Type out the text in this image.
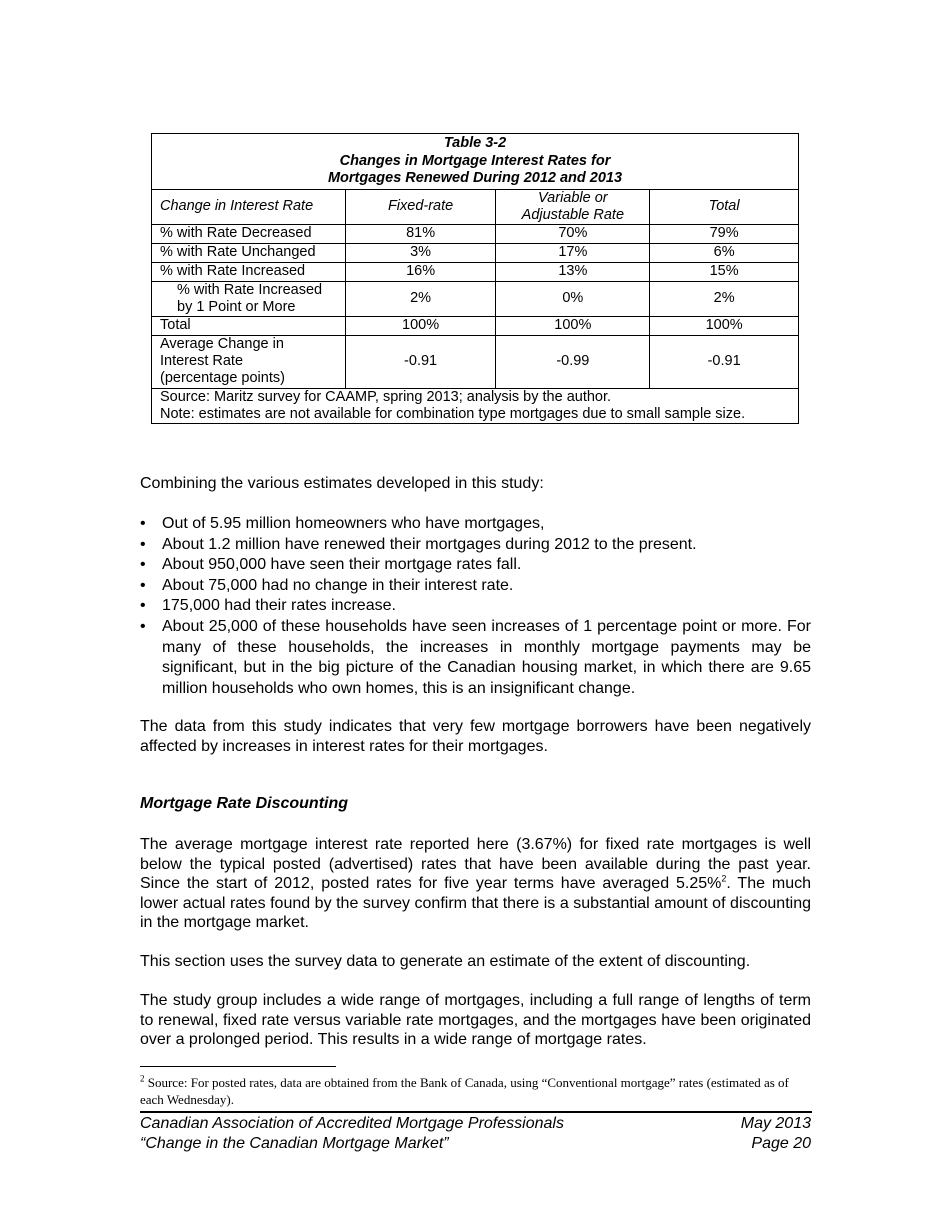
Table 3-2
Changes in Mortgage Interest Rates for
Mortgages Renewed During 2012 and 2013			

Change in Interest Rate	Fixed-rate	Variable or
Adjustable Rate	Total
% with Rate Decreased	81%	70%	79%
% with Rate Unchanged	3%	17%	6%
% with Rate Increased	16%	13%	15%
% with Rate Increased
by 1 Point or More	2%	0%	2%
Total	100%	100%	100%
Average Change in
Interest Rate
(percentage points)	-0.91	-0.99	-0.91

Source: Maritz survey for CAAMP, spring 2013; analysis by the author.
Note: estimates are not available for combination type mortgages due to small sample size.			

Combining the various estimates developed in this study:

• Out of 5.95 million homeowners who have mortgages,
• About 1.2 million have renewed their mortgages during 2012 to the present.
• About 950,000 have seen their mortgage rates fall.
• About 75,000 had no change in their interest rate.
• 175,000 had their rates increase.
• About 25,000 of these households have seen increases of 1 percentage point or more. For many of these households, the increases in monthly mortgage payments may be significant, but in the big picture of the Canadian housing market, in which there are 9.65 million households who own homes, this is an insignificant change.

The data from this study indicates that very few mortgage borrowers have been negatively affected by increases in interest rates for their mortgages.

Mortgage Rate Discounting

The average mortgage interest rate reported here (3.67%) for fixed rate mortgages is well below the typical posted (advertised) rates that have been available during the past year. Since the start of 2012, posted rates for five year terms have averaged 5.25%$^2$. The much lower actual rates found by the survey confirm that there is a substantial amount of discounting in the mortgage market.

This section uses the survey data to generate an estimate of the extent of discounting.

The study group includes a wide range of mortgages, including a full range of lengths of term to renewal, fixed rate versus variable rate mortgages, and the mortgages have been originated over a prolonged period. This results in a wide range of mortgage rates.

$^2$ Source: For posted rates, data are obtained from the Bank of Canada, using “Conventional mortgage” rates (estimated as of each Wednesday).

Canadian Association of Accredited Mortgage Professionals
“Change in the Canadian Mortgage Market”
May 2013
Page 20
